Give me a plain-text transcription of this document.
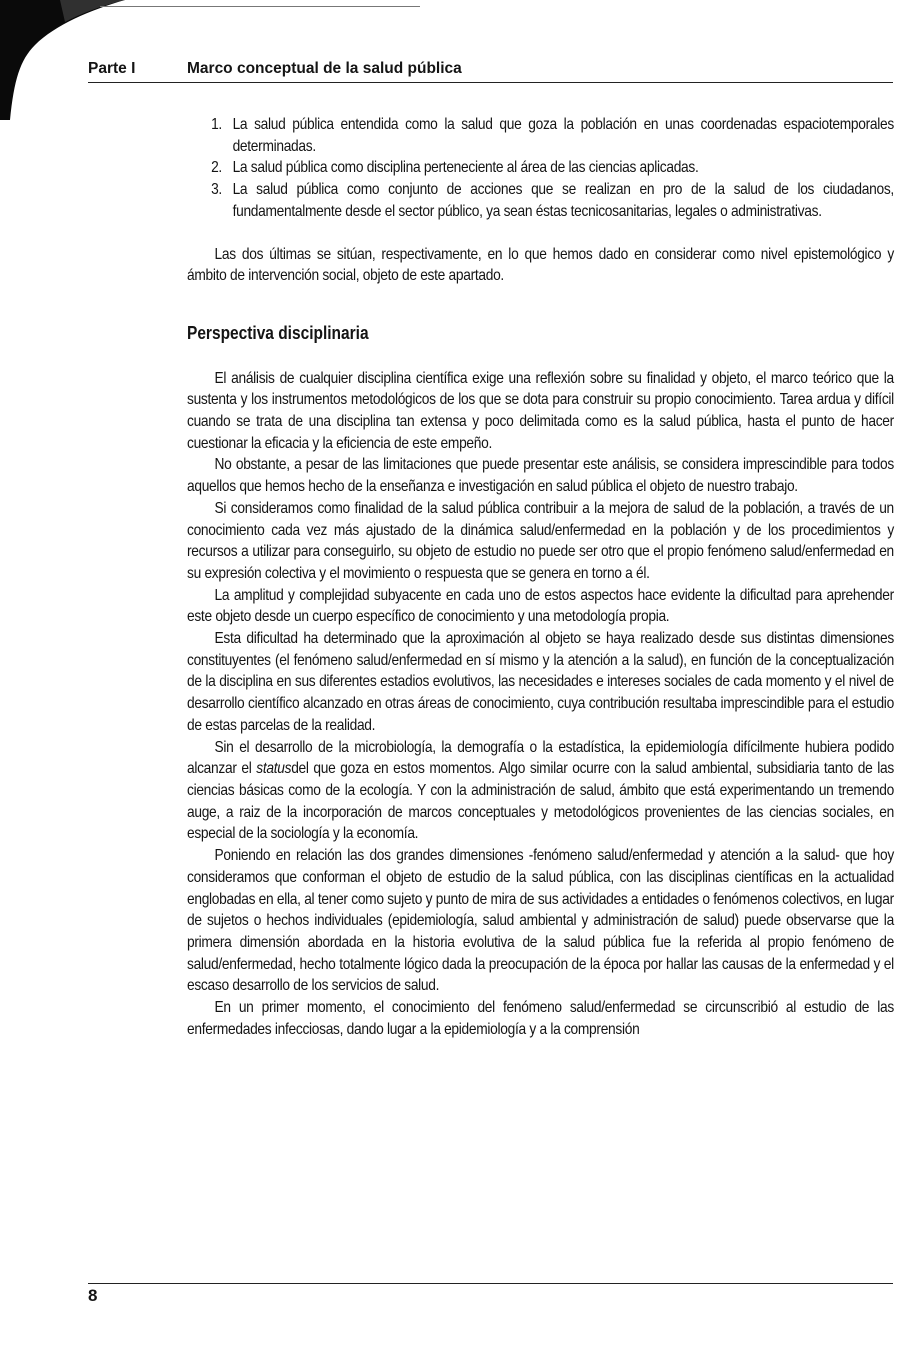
Parte I	Marco conceptual de la salud pública
1. La salud pública entendida como la salud que goza la población en unas coordenadas espaciotemporales determinadas.
2. La salud pública como disciplina perteneciente al área de las ciencias aplicadas.
3. La salud pública como conjunto de acciones que se realizan en pro de la salud de los ciudadanos, fundamentalmente desde el sector público, ya sean éstas tecnicosanitarias, legales o administrativas.

Las dos últimas se sitúan, respectivamente, en lo que hemos dado en considerar como nivel epistemológico y ámbito de intervención social, objeto de este apartado.

Perspectiva disciplinaria

El análisis de cualquier disciplina científica exige una reflexión sobre su finalidad y objeto, el marco teórico que la sustenta y los instrumentos metodológicos de los que se dota para construir su propio conocimiento. Tarea ardua y difícil cuando se trata de una disciplina tan extensa y poco delimitada como es la salud pública, hasta el punto de hacer cuestionar la eficacia y la eficiencia de este empeño.

No obstante, a pesar de las limitaciones que puede presentar este análisis, se considera imprescindible para todos aquellos que hemos hecho de la enseñanza e investigación en salud pública el objeto de nuestro trabajo.

Si consideramos como finalidad de la salud pública contribuir a la mejora de salud de la población, a través de un conocimiento cada vez más ajustado de la dinámica salud/enfermedad en la población y de los procedimientos y recursos a utilizar para conseguirlo, su objeto de estudio no puede ser otro que el propio fenómeno salud/enfermedad en su expresión colectiva y el movimiento o respuesta que se genera en torno a él.

La amplitud y complejidad subyacente en cada uno de estos aspectos hace evidente la dificultad para aprehender este objeto desde un cuerpo específico de conocimiento y una metodología propia.

Esta dificultad ha determinado que la aproximación al objeto se haya realizado desde sus distintas dimensiones constituyentes (el fenómeno salud/enfermedad en sí mismo y la atención a la salud), en función de la conceptualización de la disciplina en sus diferentes estadios evolutivos, las necesidades e intereses sociales de cada momento y el nivel de desarrollo científico alcanzado en otras áreas de conocimiento, cuya contribución resultaba imprescindible para el estudio de estas parcelas de la realidad.

Sin el desarrollo de la microbiología, la demografía o la estadística, la epidemiología difícilmente hubiera podido alcanzar el statusdel que goza en estos momentos. Algo similar ocurre con la salud ambiental, subsidiaria tanto de las ciencias básicas como de la ecología. Y con la administración de salud, ámbito que está experimentando un tremendo auge, a raiz de la incorporación de marcos conceptuales y metodológicos provenientes de las ciencias sociales, en especial de la sociología y la economía.

Poniendo en relación las dos grandes dimensiones -fenómeno salud/enfermedad y atención a la salud- que hoy consideramos que conforman el objeto de estudio de la salud pública, con las disciplinas científicas en la actualidad englobadas en ella, al tener como sujeto y punto de mira de sus actividades a entidades o fenómenos colectivos, en lugar de sujetos o hechos individuales (epidemiología, salud ambiental y administración de salud) puede observarse que la primera dimensión abordada en la historia evolutiva de la salud pública fue la referida al propio fenómeno de salud/enfermedad, hecho totalmente lógico dada la preocupación de la época por hallar las causas de la enfermedad y el escaso desarrollo de los servicios de salud.

En un primer momento, el conocimiento del fenómeno salud/enfermedad se circunscribió al estudio de las enfermedades infecciosas, dando lugar a la epidemiología y a la comprensión

8
